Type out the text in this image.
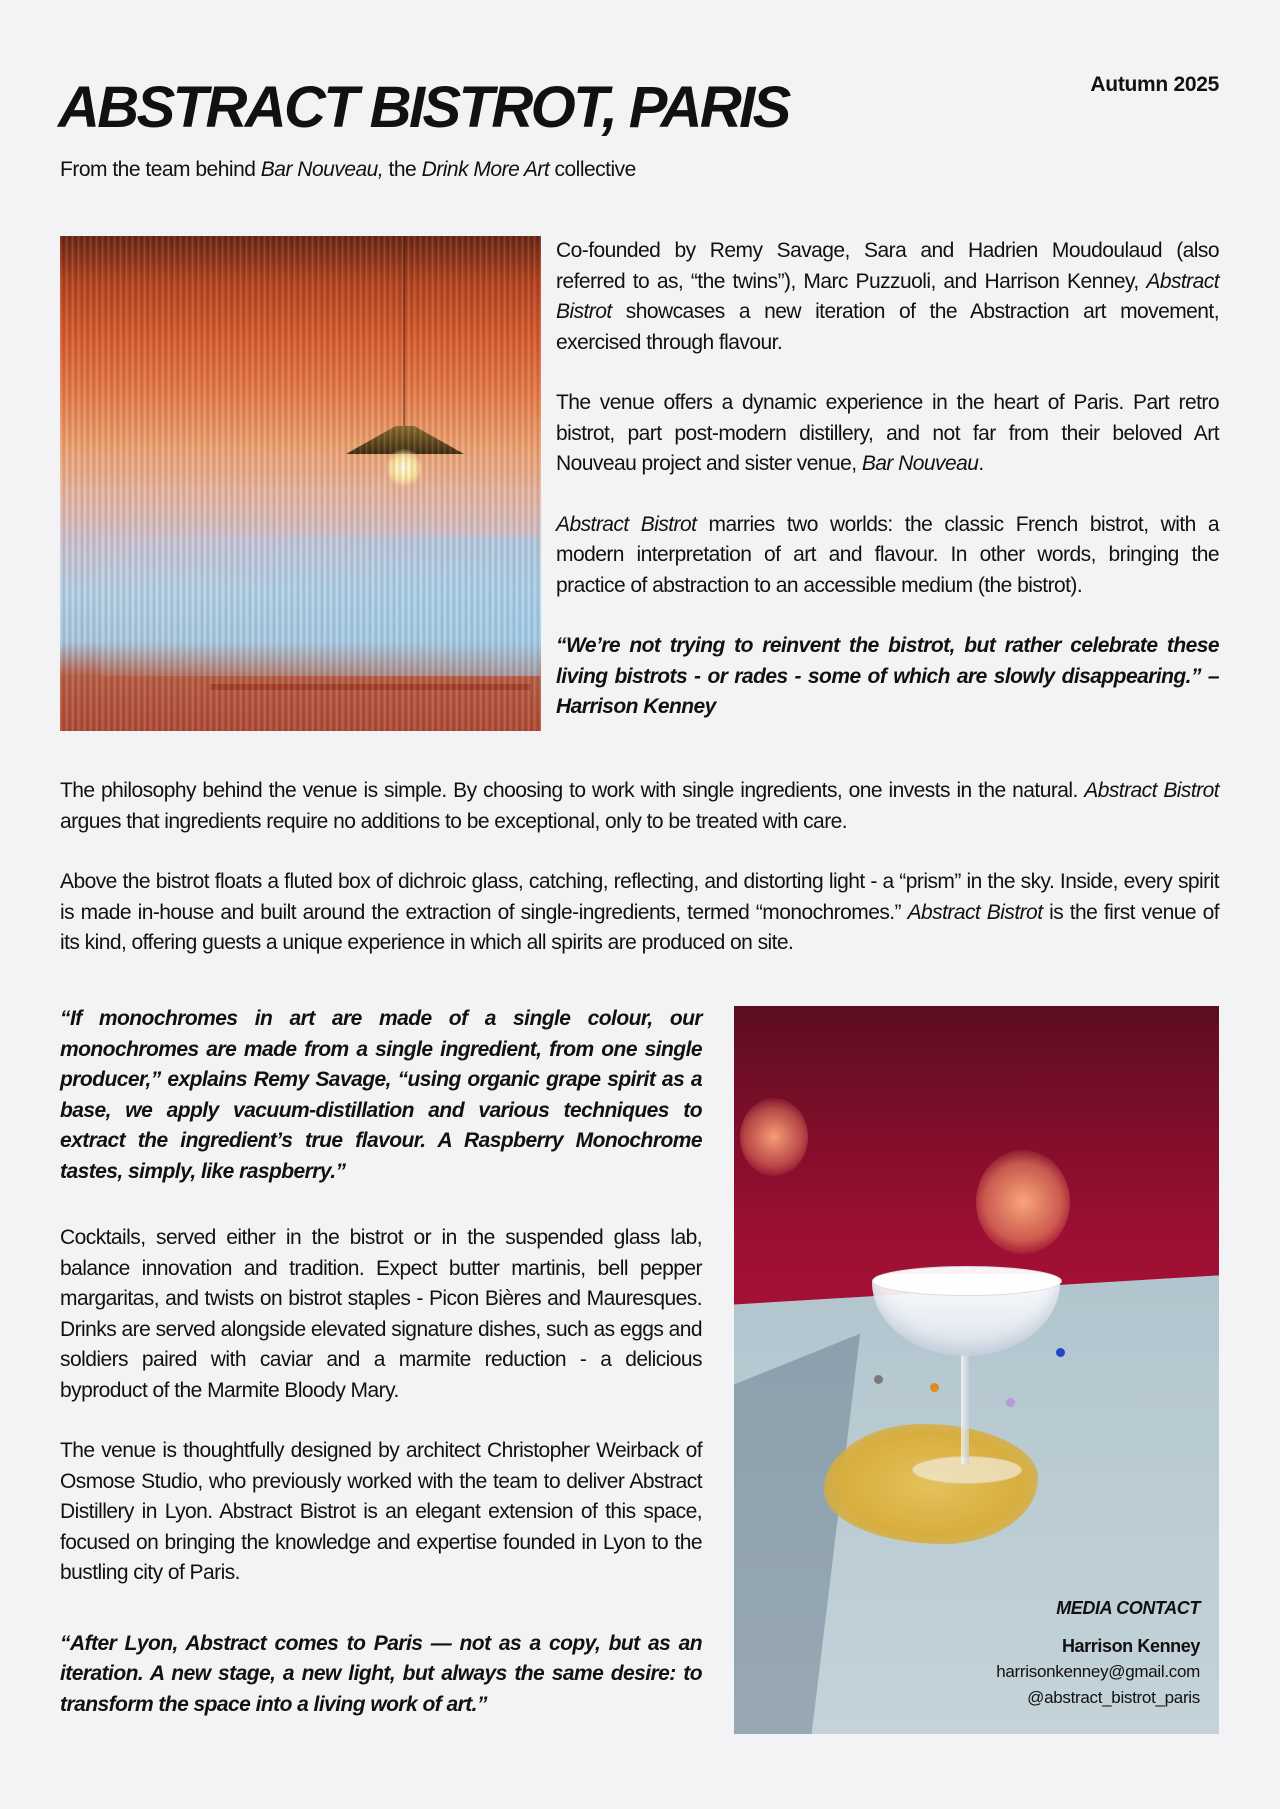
ABSTRACT BISTROT, PARIS	Autumn 2025
From the team behind Bar Nouveau, the Drink More Art collective

Co-founded by Remy Savage, Sara and Hadrien Moudoulaud (also referred to as, “the twins”), Marc Puzzuoli, and Harrison Kenney, Abstract Bistrot showcases a new iteration of the Abstraction art movement, exercised through flavour.

The venue offers a dynamic experience in the heart of Paris. Part retro bistrot, part post-modern distillery, and not far from their beloved Art Nouveau project and sister venue, Bar Nouveau.

Abstract Bistrot marries two worlds: the classic French bistrot, with a modern interpretation of art and flavour. In other words, bringing the practice of abstraction to an accessible medium (the bistrot).

“We’re not trying to reinvent the bistrot, but rather celebrate these living bistrots - or rades - some of which are slowly disappearing.” – Harrison Kenney

The philosophy behind the venue is simple. By choosing to work with single ingredients, one invests in the natural. Abstract Bistrot argues that ingredients require no additions to be exceptional, only to be treated with care.

Above the bistrot floats a fluted box of dichroic glass, catching, reflecting, and distorting light - a “prism” in the sky. Inside, every spirit is made in-house and built around the extraction of single-ingredients, termed “monochromes.” Abstract Bistrot is the first venue of its kind, offering guests a unique experience in which all spirits are produced on site.

“If monochromes in art are made of a single colour, our monochromes are made from a single ingredient, from one single producer,” explains Remy Savage, “using organic grape spirit as a base, we apply vacuum-distillation and various techniques to extract the ingredient’s true flavour. A Raspberry Monochrome tastes, simply, like raspberry.”

Cocktails, served either in the bistrot or in the suspended glass lab, balance innovation and tradition. Expect butter martinis, bell pepper margaritas, and twists on bistrot staples - Picon Bières and Mauresques. Drinks are served alongside elevated signature dishes, such as eggs and soldiers paired with caviar and a marmite reduction - a delicious byproduct of the Marmite Bloody Mary.

The venue is thoughtfully designed by architect Christopher Weirback of Osmose Studio, who previously worked with the team to deliver Abstract Distillery in Lyon. Abstract Bistrot is an elegant extension of this space, focused on bringing the knowledge and expertise founded in Lyon to the bustling city of Paris.

“After Lyon, Abstract comes to Paris — not as a copy, but as an iteration. A new stage, a new light, but always the same desire: to transform the space into a living work of art.”

MEDIA CONTACT
Harrison Kenney
harrisonkenney@gmail.com
@abstract_bistrot_paris
